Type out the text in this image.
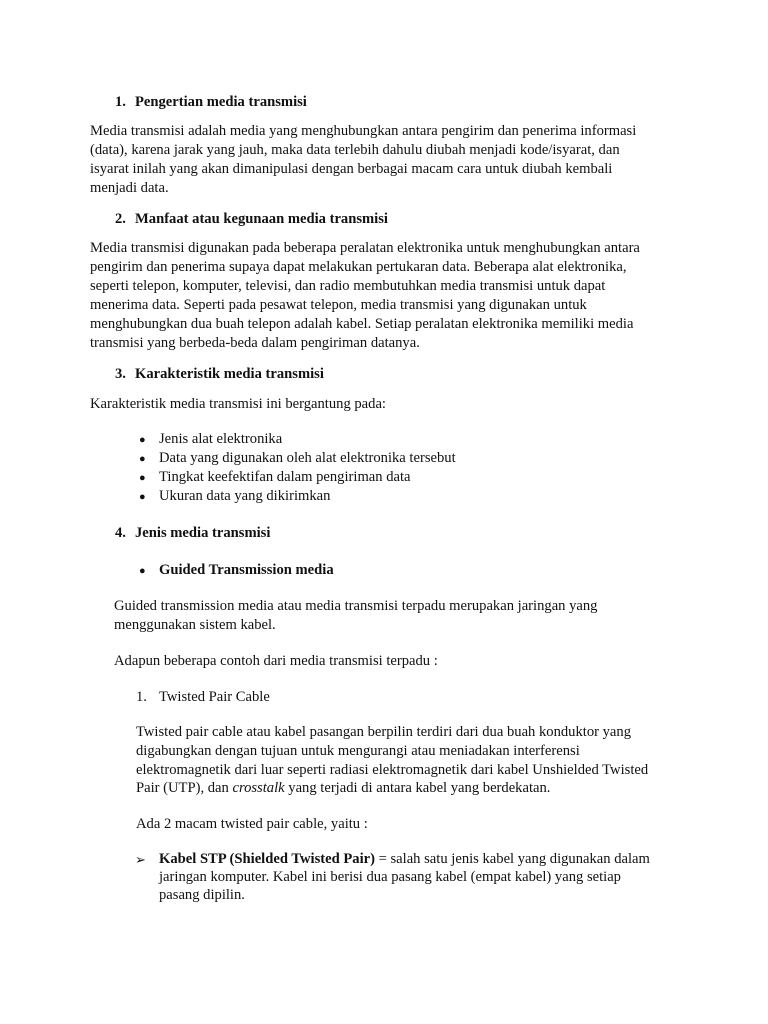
1. Pengertian media transmisi
Media transmisi adalah media yang menghubungkan antara pengirim dan penerima informasi
(data), karena jarak yang jauh, maka data terlebih dahulu diubah menjadi kode/isyarat, dan
isyarat inilah yang akan dimanipulasi dengan berbagai macam cara untuk diubah kembali
menjadi data.
2. Manfaat atau kegunaan media transmisi
Media transmisi digunakan pada beberapa peralatan elektronika untuk menghubungkan antara
pengirim dan penerima supaya dapat melakukan pertukaran data. Beberapa alat elektronika,
seperti telepon, komputer, televisi, dan radio membutuhkan media transmisi untuk dapat
menerima data. Seperti pada pesawat telepon, media transmisi yang digunakan untuk
menghubungkan dua buah telepon adalah kabel. Setiap peralatan elektronika memiliki media
transmisi yang berbeda-beda dalam pengiriman datanya.
3. Karakteristik media transmisi
Karakteristik media transmisi ini bergantung pada:
● Jenis alat elektronika
● Data yang digunakan oleh alat elektronika tersebut
● Tingkat keefektifan dalam pengiriman data
● Ukuran data yang dikirimkan
4. Jenis media transmisi
● Guided Transmission media
Guided transmission media atau media transmisi terpadu merupakan jaringan yang
menggunakan sistem kabel.
Adapun beberapa contoh dari media transmisi terpadu :
1. Twisted Pair Cable
Twisted pair cable atau kabel pasangan berpilin terdiri dari dua buah konduktor yang
digabungkan dengan tujuan untuk mengurangi atau meniadakan interferensi
elektromagnetik dari luar seperti radiasi elektromagnetik dari kabel Unshielded Twisted
Pair (UTP), dan crosstalk yang terjadi di antara kabel yang berdekatan.
Ada 2 macam twisted pair cable, yaitu :
➢ Kabel STP (Shielded Twisted Pair) = salah satu jenis kabel yang digunakan dalam
jaringan komputer. Kabel ini berisi dua pasang kabel (empat kabel) yang setiap
pasang dipilin.
